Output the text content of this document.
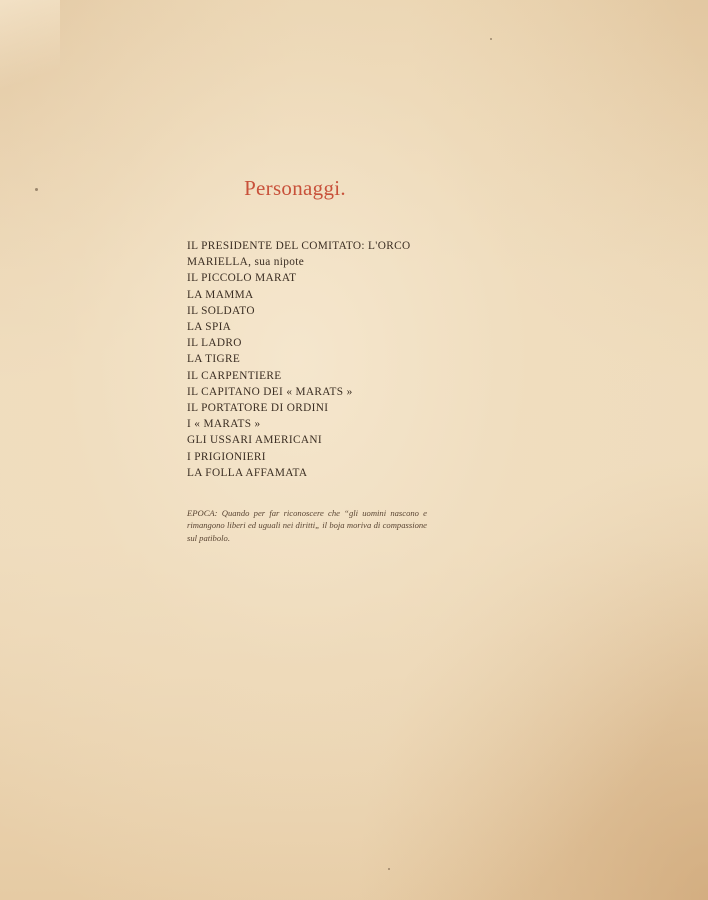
Personaggi.
IL PRESIDENTE DEL COMITATO: L'ORCO
MARIELLA, sua nipote
IL PICCOLO MARAT
LA MAMMA
IL SOLDATO
LA SPIA
IL LADRO
LA TIGRE
IL CARPENTIERE
IL CAPITANO DEI « MARATS »
IL PORTATORE DI ORDINI
I « MARATS »
GLI USSARI AMERICANI
I PRIGIONIERI
LA FOLLA AFFAMATA

EPOCA: Quando per far riconoscere che “gli uomini nascono e rimangono liberi ed uguali nei diritti„ il boja moriva di compassione sul patibolo.
